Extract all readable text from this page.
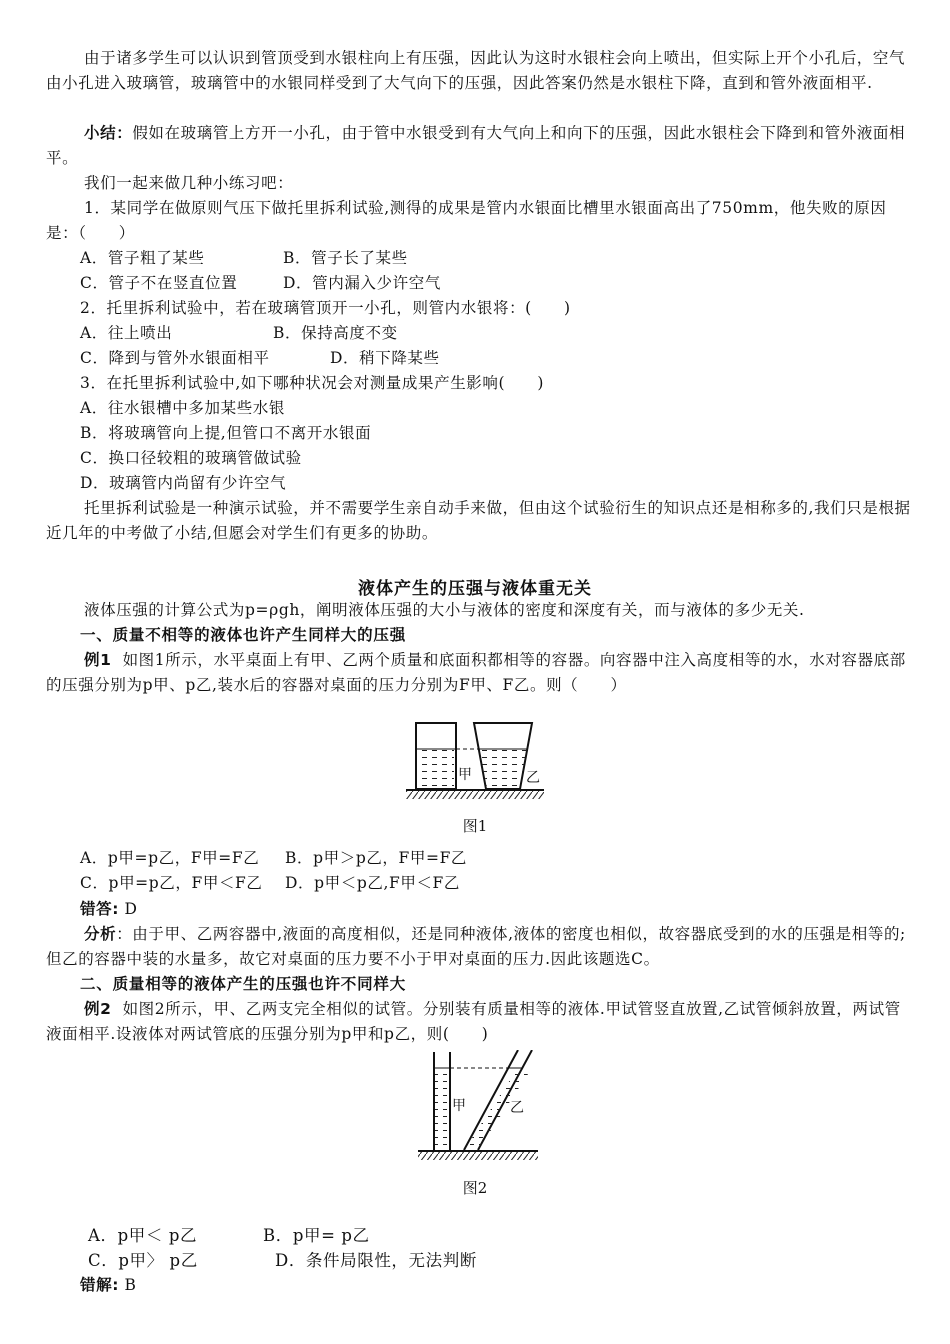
由于诸多学生可以认识到管顶受到水银柱向上有压强，因此认为这时水银柱会向上喷出，但实际上开个小孔后，空气由小孔进入玻璃管，玻璃管中的水银同样受到了大气向下的压强，因此答案仍然是水银柱下降，直到和管外液面相平.

小结：假如在玻璃管上方开一小孔，由于管中水银受到有大气向上和向下的压强，因此水银柱会下降到和管外液面相平。

我们一起来做几种小练习吧：

1．某同学在做原则气压下做托里拆利试验,测得的成果是管内水银面比槽里水银面高出了750mm，他失败的原因是：（　　）

A．管子粗了某些	B．管子长了某些
C．管子不在竖直位置	D．管内漏入少许空气
2．托里拆利试验中，若在玻璃管顶开一小孔，则管内水银将：(　　)
A．往上喷出	B．保持高度不变
C．降到与管外水银面相平	D．稍下降某些
3．在托里拆利试验中,如下哪种状况会对测量成果产生影响(　　)
A．往水银槽中多加某些水银
B．将玻璃管向上提,但管口不离开水银面
C．换口径较粗的玻璃管做试验
D．玻璃管内尚留有少许空气

托里拆利试验是一种演示试验，并不需要学生亲自动手来做，但由这个试验衍生的知识点还是相称多的,我们只是根据近几年的中考做了小结,但愿会对学生们有更多的协助。

液体产生的压强与液体重无关

液体压强的计算公式为p=ρgh，阐明液体压强的大小与液体的密度和深度有关，而与液体的多少无关.

一、质量不相等的液体也许产生同样大的压强

例1 如图1所示，水平桌面上有甲、乙两个质量和底面积都相等的容器。向容器中注入高度相等的水，水对容器底部的压强分别为p甲、p乙,装水后的容器对桌面的压力分别为F甲、F乙。则（　　）

甲	乙
图1
A．p甲=p乙，F甲=F乙 B．p甲＞p乙，F甲=F乙
C．p甲=p乙，F甲＜F乙 D．p甲＜p乙,F甲＜F乙
错答: D

分析：由于甲、乙两容器中,液面的高度相似，还是同种液体,液体的密度也相似，故容器底受到的水的压强是相等的;但乙的容器中装的水量多，故它对桌面的压力要不小于甲对桌面的压力.因此该题选C。

二、质量相等的液体产生的压强也许不同样大

例2 如图2所示，甲、乙两支完全相似的试管。分别装有质量相等的液体.甲试管竖直放置,乙试管倾斜放置，两试管液面相平.设液体对两试管底的压强分别为p甲和p乙，则(　　)

甲	乙
图2
A．p甲＜ p乙	B．p甲= p乙
C．p甲〉 p乙	D．条件局限性，无法判断
错解: B
